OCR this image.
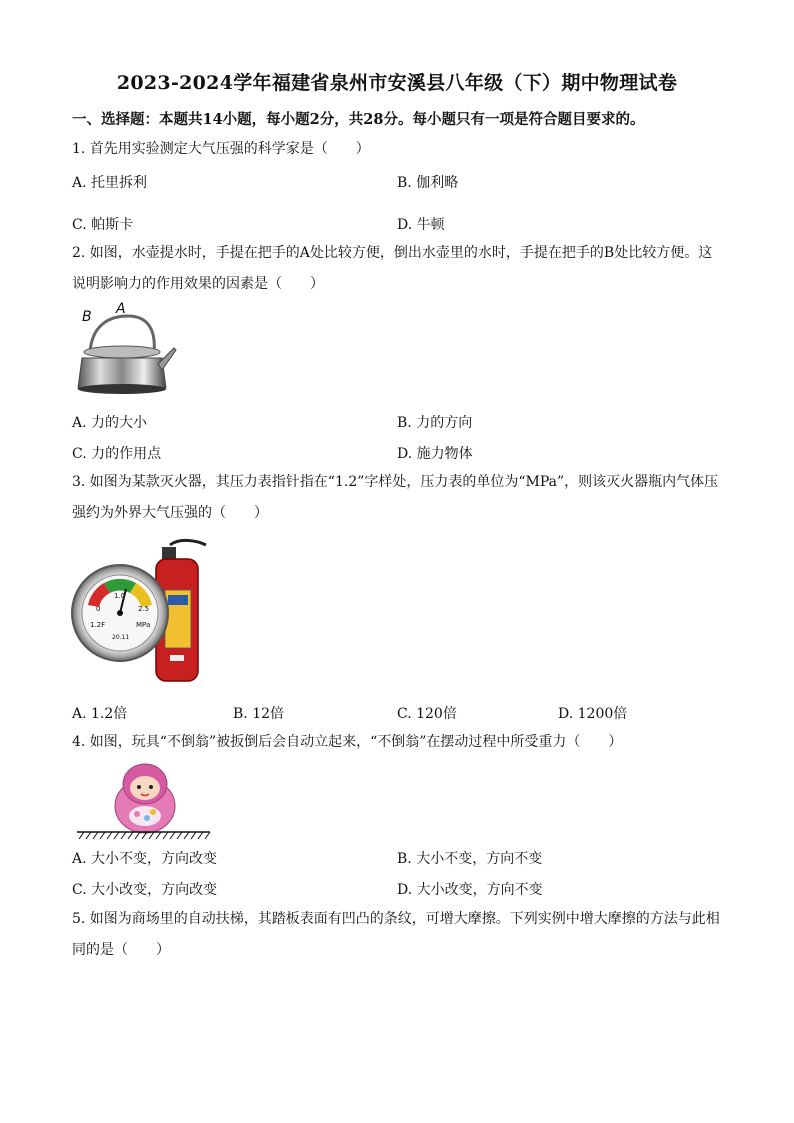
2023-2024学年福建省泉州市安溪县八年级（下）期中物理试卷
一、选择题：本题共14小题，每小题2分，共28分。每小题只有一项是符合题目要求的。
1. 首先用实验测定大气压强的科学家是（　　）
A. 托里拆利	B. 伽利略
C. 帕斯卡	D. 牛顿
2. 如图，水壶提水时，手提在把手的A处比较方便，倒出水壶里的水时，手提在把手的B处比较方便。这说明影响力的作用效果的因素是（　　）
B A
A. 力的大小	B. 力的方向
C. 力的作用点	D. 施力物体
3. 如图为某款灭火器，其压力表指针指在“1.2”字样处，压力表的单位为“MPa”，则该灭火器瓶内气体压强约为外界大气压强的（　　）
1.0
0	2.5
1.2F	MPa
20.11
A. 1.2倍	B. 12倍	C. 120倍	D. 1200倍
4. 如图，玩具“不倒翁”被扳倒后会自动立起来，“不倒翁”在摆动过程中所受重力（　　）
A. 大小不变，方向改变	B. 大小不变，方向不变
C. 大小改变，方向改变	D. 大小改变，方向不变
5. 如图为商场里的自动扶梯，其踏板表面有凹凸的条纹，可增大摩擦。下列实例中增大摩擦的方法与此相同的是（　　）
